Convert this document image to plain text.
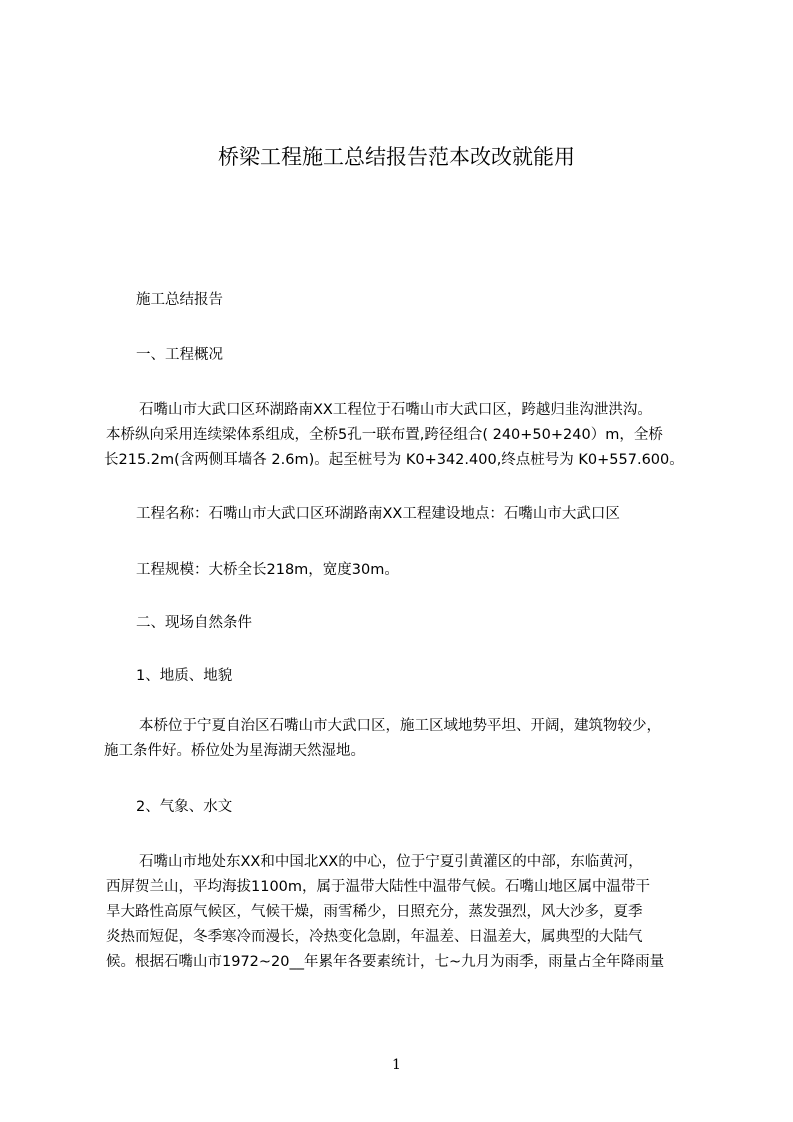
桥梁工程施工总结报告范本改改就能用
施工总结报告
一、工程概况
石嘴山市大武口区环湖路南XX工程位于石嘴山市大武口区，跨越归韭沟泄洪沟。
本桥纵向采用连续梁体系组成，全桥5孔一联布置,跨径组合( 240+50+240）m，全桥
长215.2m(含两侧耳墙各 2.6m)。起至桩号为 K0+342.400,终点桩号为 K0+557.600。
工程名称：石嘴山市大武口区环湖路南XX工程建设地点：石嘴山市大武口区
工程规模：大桥全长218m，宽度30m。
二、现场自然条件
1、地质、地貌
本桥位于宁夏自治区石嘴山市大武口区，施工区域地势平坦、开阔，建筑物较少，
施工条件好。桥位处为星海湖天然湿地。
2、气象、水文
石嘴山市地处东XX和中国北XX的中心，位于宁夏引黄灌区的中部，东临黄河，
西屏贺兰山，平均海拔1100m，属于温带大陆性中温带气候。石嘴山地区属中温带干
旱大路性高原气候区，气候干燥，雨雪稀少，日照充分，蒸发强烈，风大沙多，夏季
炎热而短促，冬季寒冷而漫长，冷热变化急剧，年温差、日温差大，属典型的大陆气
候。根据石嘴山市1972~20__年累年各要素统计，七~九月为雨季，雨量占全年降雨量
1
